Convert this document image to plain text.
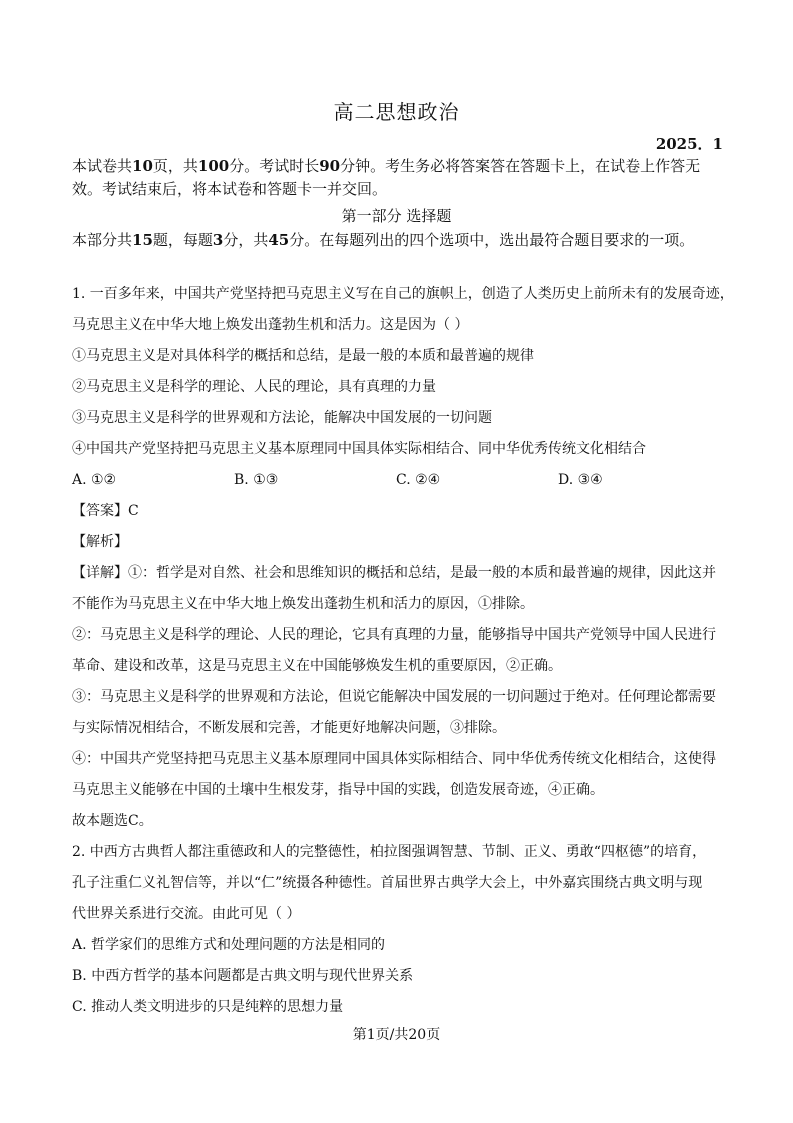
高二思想政治
2025．1
本试卷共10页，共100分。考试时长90分钟。考生务必将答案答在答题卡上，在试卷上作答无效。考试结束后，将本试卷和答题卡一并交回。
第一部分 选择题
本部分共15题，每题3分，共45分。在每题列出的四个选项中，选出最符合题目要求的一项。
1. 一百多年来，中国共产党坚持把马克思主义写在自己的旗帜上，创造了人类历史上前所未有的发展奇迹，
马克思主义在中华大地上焕发出蓬勃生机和活力。这是因为（ ）
①马克思主义是对具体科学的概括和总结，是最一般的本质和最普遍的规律
②马克思主义是科学的理论、人民的理论，具有真理的力量
③马克思主义是科学的世界观和方法论，能解决中国发展的一切问题
④中国共产党坚持把马克思主义基本原理同中国具体实际相结合、同中华优秀传统文化相结合
A. ①②	B. ①③	C. ②④	D. ③④
【答案】C
【解析】
【详解】①：哲学是对自然、社会和思维知识的概括和总结，是最一般的本质和最普遍的规律，因此这并
不能作为马克思主义在中华大地上焕发出蓬勃生机和活力的原因，①排除。
②：马克思主义是科学的理论、人民的理论，它具有真理的力量，能够指导中国共产党领导中国人民进行
革命、建设和改革，这是马克思主义在中国能够焕发生机的重要原因，②正确。
③：马克思主义是科学的世界观和方法论，但说它能解决中国发展的一切问题过于绝对。任何理论都需要
与实际情况相结合，不断发展和完善，才能更好地解决问题，③排除。
④：中国共产党坚持把马克思主义基本原理同中国具体实际相结合、同中华优秀传统文化相结合，这使得
马克思主义能够在中国的土壤中生根发芽，指导中国的实践，创造发展奇迹，④正确。
故本题选C。
2. 中西方古典哲人都注重德政和人的完整德性，柏拉图强调智慧、节制、正义、勇敢“四枢德”的培育，
孔子注重仁义礼智信等，并以“仁”统摄各种德性。首届世界古典学大会上，中外嘉宾围绕古典文明与现
代世界关系进行交流。由此可见（ ）
A. 哲学家们的思维方式和处理问题的方法是相同的
B. 中西方哲学的基本问题都是古典文明与现代世界关系
C. 推动人类文明进步的只是纯粹的思想力量
第1页/共20页
